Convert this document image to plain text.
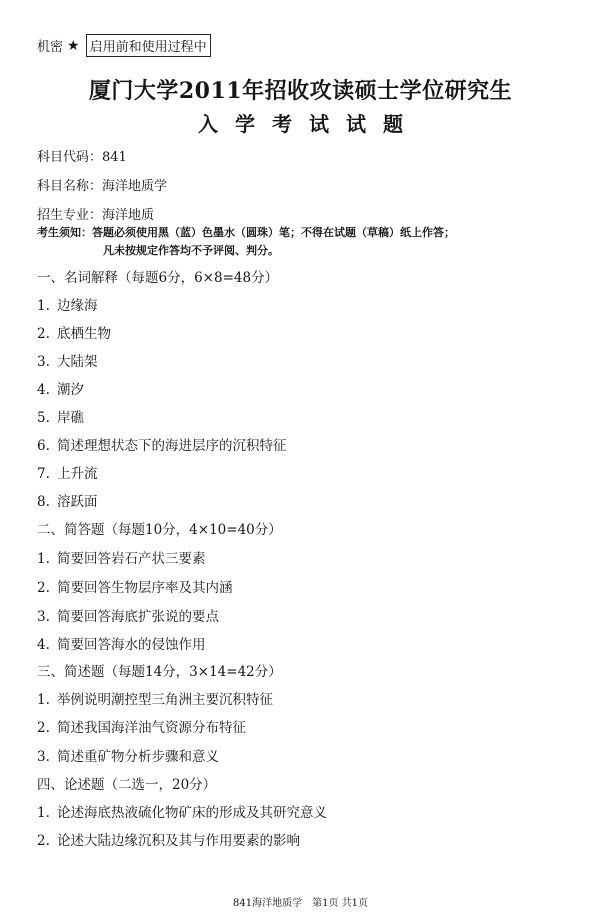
机密 ★ 启用前和使用过程中
厦门大学2011年招收攻读硕士学位研究生
入学考试试题
科目代码：841
科目名称：海洋地质学
招生专业：海洋地质
考生须知：答题必须使用黑（蓝）色墨水（圆珠）笔；不得在试题（草稿）纸上作答；
凡未按规定作答均不予评阅、判分。
一、名词解释（每题6分，6×8=48分）
1. 边缘海
2. 底栖生物
3. 大陆架
4. 潮汐
5. 岸礁
6. 简述理想状态下的海进层序的沉积特征
7. 上升流
8. 溶跃面
二、简答题（每题10分，4×10=40分）
1. 简要回答岩石产状三要素
2. 简要回答生物层序率及其内涵
3. 简要回答海底扩张说的要点
4. 简要回答海水的侵蚀作用
三、简述题（每题14分，3×14=42分）
1. 举例说明潮控型三角洲主要沉积特征
2. 简述我国海洋油气资源分布特征
3. 简述重矿物分析步骤和意义
四、论述题（二选一，20分）
1. 论述海底热液硫化物矿床的形成及其研究意义
2. 论述大陆边缘沉积及其与作用要素的影响
841海洋地质学　第1页 共1页
